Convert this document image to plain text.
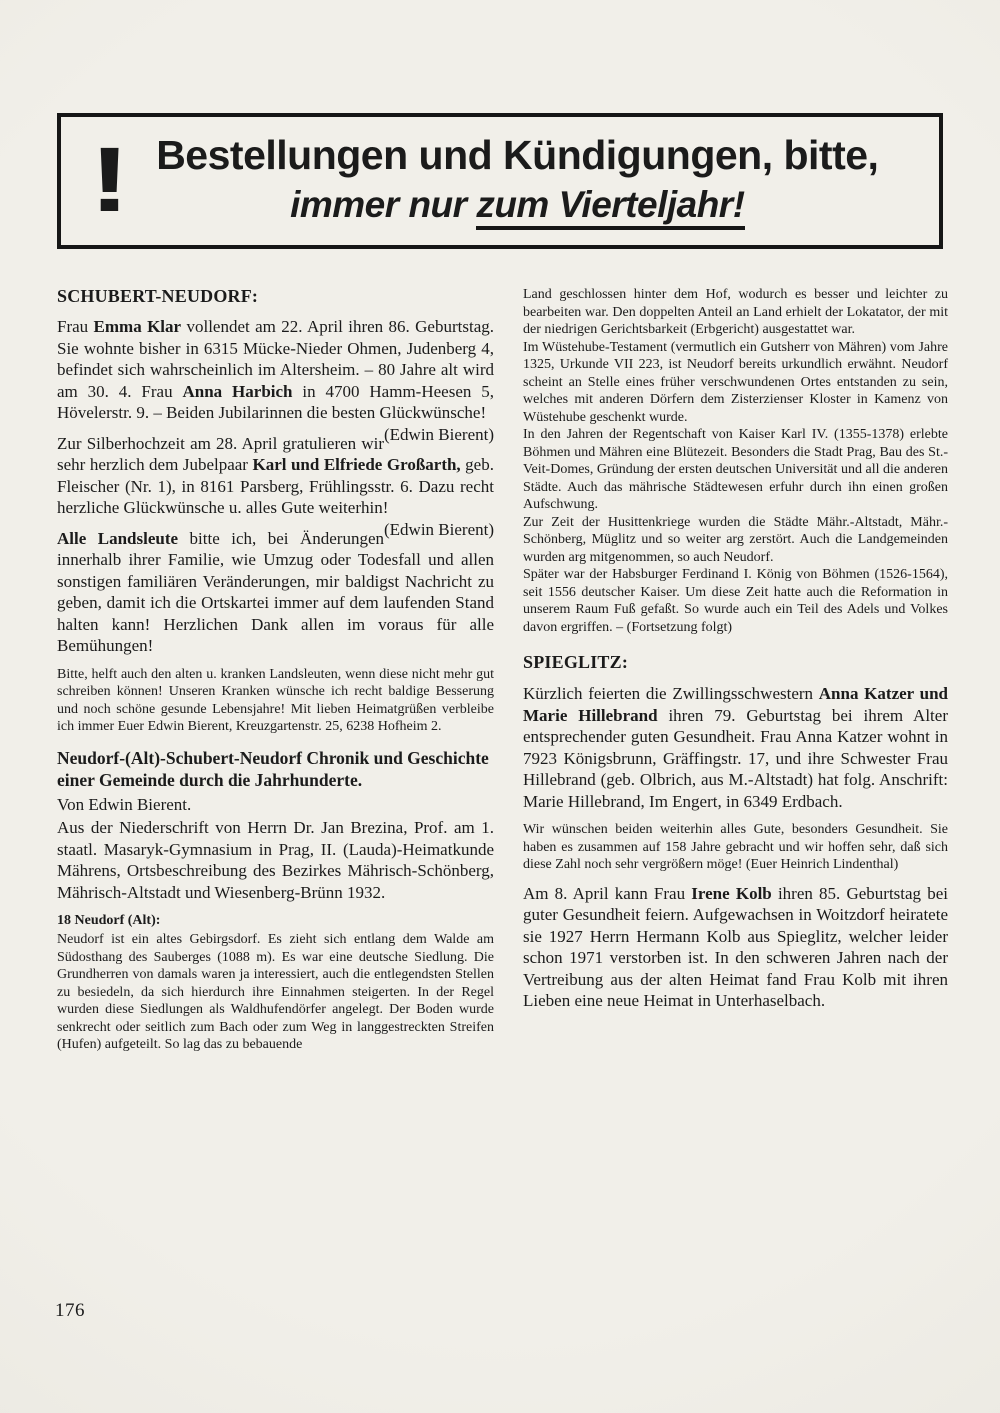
! Bestellungen und Kündigungen, bitte,
immer nur zum Vierteljahr!
SCHUBERT-NEUDORF:

Frau Emma Klar vollendet am 22. April ihren 86. Geburtstag. Sie wohnte bisher in 6315 Mücke-Nieder Ohmen, Judenberg 4, befindet sich wahrscheinlich im Altersheim. – 80 Jahre alt wird am 30. 4. Frau Anna Harbich in 4700 Hamm-Heesen 5, Hövelerstr. 9. – Beiden Jubilarinnen die besten Glückwünsche!
(Edwin Bierent)

Zur Silberhochzeit am 28. April gratulieren wir sehr herzlich dem Jubelpaar Karl und Elfriede Großarth, geb. Fleischer (Nr. 1), in 8161 Parsberg, Frühlingsstr. 6. Dazu recht herzliche Glückwünsche u. alles Gute weiterhin!
(Edwin Bierent)

Alle Landsleute bitte ich, bei Änderungen innerhalb ihrer Familie, wie Umzug oder Todesfall und allen sonstigen familiären Veränderungen, mir baldigst Nachricht zu geben, damit ich die Ortskartei immer auf dem laufenden Stand halten kann! Herzlichen Dank allen im voraus für alle Bemühungen!

Bitte, helft auch den alten u. kranken Landsleuten, wenn diese nicht mehr gut schreiben können! Unseren Kranken wünsche ich recht baldige Besserung und noch schöne gesunde Lebensjahre! Mit lieben Heimatgrüßen verbleibe ich immer Euer Edwin Bierent, Kreuzgartenstr. 25, 6238 Hofheim 2.

Neudorf-(Alt)-Schubert-Neudorf Chronik und Geschichte einer Gemeinde durch die Jahrhunderte.

Von Edwin Bierent.

Aus der Niederschrift von Herrn Dr. Jan Brezina, Prof. am 1. staatl. Masaryk-Gymnasium in Prag, II. (Lauda)-Heimatkunde Mährens, Ortsbeschreibung des Bezirkes Mährisch-Schönberg, Mährisch-Altstadt und Wiesenberg-Brünn 1932.

18 Neudorf (Alt):

Neudorf ist ein altes Gebirgsdorf. Es zieht sich entlang dem Walde am Südosthang des Sauberges (1088 m). Es war eine deutsche Siedlung. Die Grundherren von damals waren ja interessiert, auch die entlegendsten Stellen zu besiedeln, da sich hierdurch ihre Einnahmen steigerten. In der Regel wurden diese Siedlungen als Waldhufendörfer angelegt. Der Boden wurde senkrecht oder seitlich zum Bach oder zum Weg in langgestreckten Streifen (Hufen) aufgeteilt. So lag das zu bebauende

Land geschlossen hinter dem Hof, wodurch es besser und leichter zu bearbeiten war. Den doppelten Anteil an Land erhielt der Lokatator, der mit der niedrigen Gerichtsbarkeit (Erbgericht) ausgestattet war.

Im Wüstehube-Testament (vermutlich ein Gutsherr von Mähren) vom Jahre 1325, Urkunde VII 223, ist Neudorf bereits urkundlich erwähnt. Neudorf scheint an Stelle eines früher verschwundenen Ortes entstanden zu sein, welches mit anderen Dörfern dem Zisterzienser Kloster in Kamenz von Wüstehube geschenkt wurde.

In den Jahren der Regentschaft von Kaiser Karl IV. (1355-1378) erlebte Böhmen und Mähren eine Blütezeit. Besonders die Stadt Prag, Bau des St.-Veit-Domes, Gründung der ersten deutschen Universität und all die anderen Städte. Auch das mährische Städtewesen erfuhr durch ihn einen großen Aufschwung.

Zur Zeit der Husittenkriege wurden die Städte Mähr.-Altstadt, Mähr.-Schönberg, Müglitz und so weiter arg zerstört. Auch die Landgemeinden wurden arg mitgenommen, so auch Neudorf.

Später war der Habsburger Ferdinand I. König von Böhmen (1526-1564), seit 1556 deutscher Kaiser. Um diese Zeit hatte auch die Reformation in unserem Raum Fuß gefaßt. So wurde auch ein Teil des Adels und Volkes davon ergriffen. – (Fortsetzung folgt)

SPIEGLITZ:

Kürzlich feierten die Zwillingsschwestern Anna Katzer und Marie Hillebrand ihren 79. Geburtstag bei ihrem Alter entsprechender guten Gesundheit. Frau Anna Katzer wohnt in 7923 Königsbrunn, Gräffingstr. 17, und ihre Schwester Frau Hillebrand (geb. Olbrich, aus M.-Altstadt) hat folg. Anschrift: Marie Hillebrand, Im Engert, in 6349 Erdbach.

Wir wünschen beiden weiterhin alles Gute, besonders Gesundheit. Sie haben es zusammen auf 158 Jahre gebracht und wir hoffen sehr, daß sich diese Zahl noch sehr vergrößern möge! (Euer Heinrich Lindenthal)

Am 8. April kann Frau Irene Kolb ihren 85. Geburtstag bei guter Gesundheit feiern. Aufgewachsen in Woitzdorf heiratete sie 1927 Herrn Hermann Kolb aus Spieglitz, welcher leider schon 1971 verstorben ist. In den schweren Jahren nach der Vertreibung aus der alten Heimat fand Frau Kolb mit ihren Lieben eine neue Heimat in Unterhaselbach.

176
